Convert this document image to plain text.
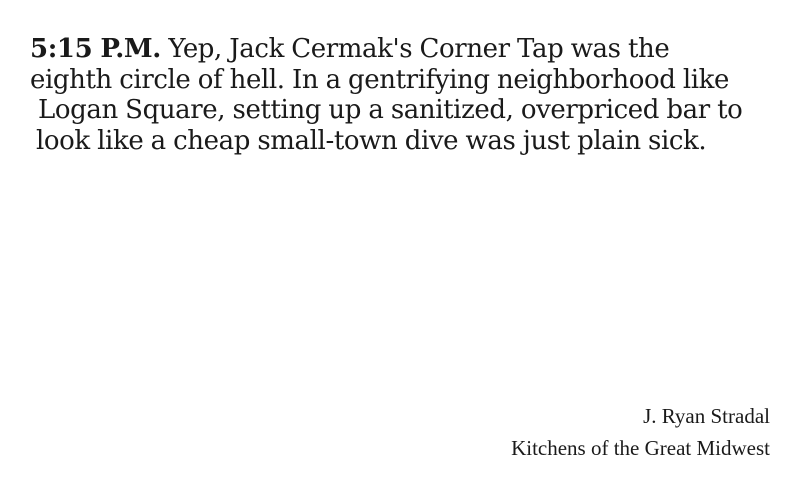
5:15 P.M. Yep, Jack Cermak's Corner Tap was the
eighth circle of hell. In a gentrifying neighborhood like
Logan Square, setting up a sanitized, overpriced bar to
look like a cheap small-town dive was just plain sick.
J. Ryan Stradal
Kitchens of the Great Midwest
